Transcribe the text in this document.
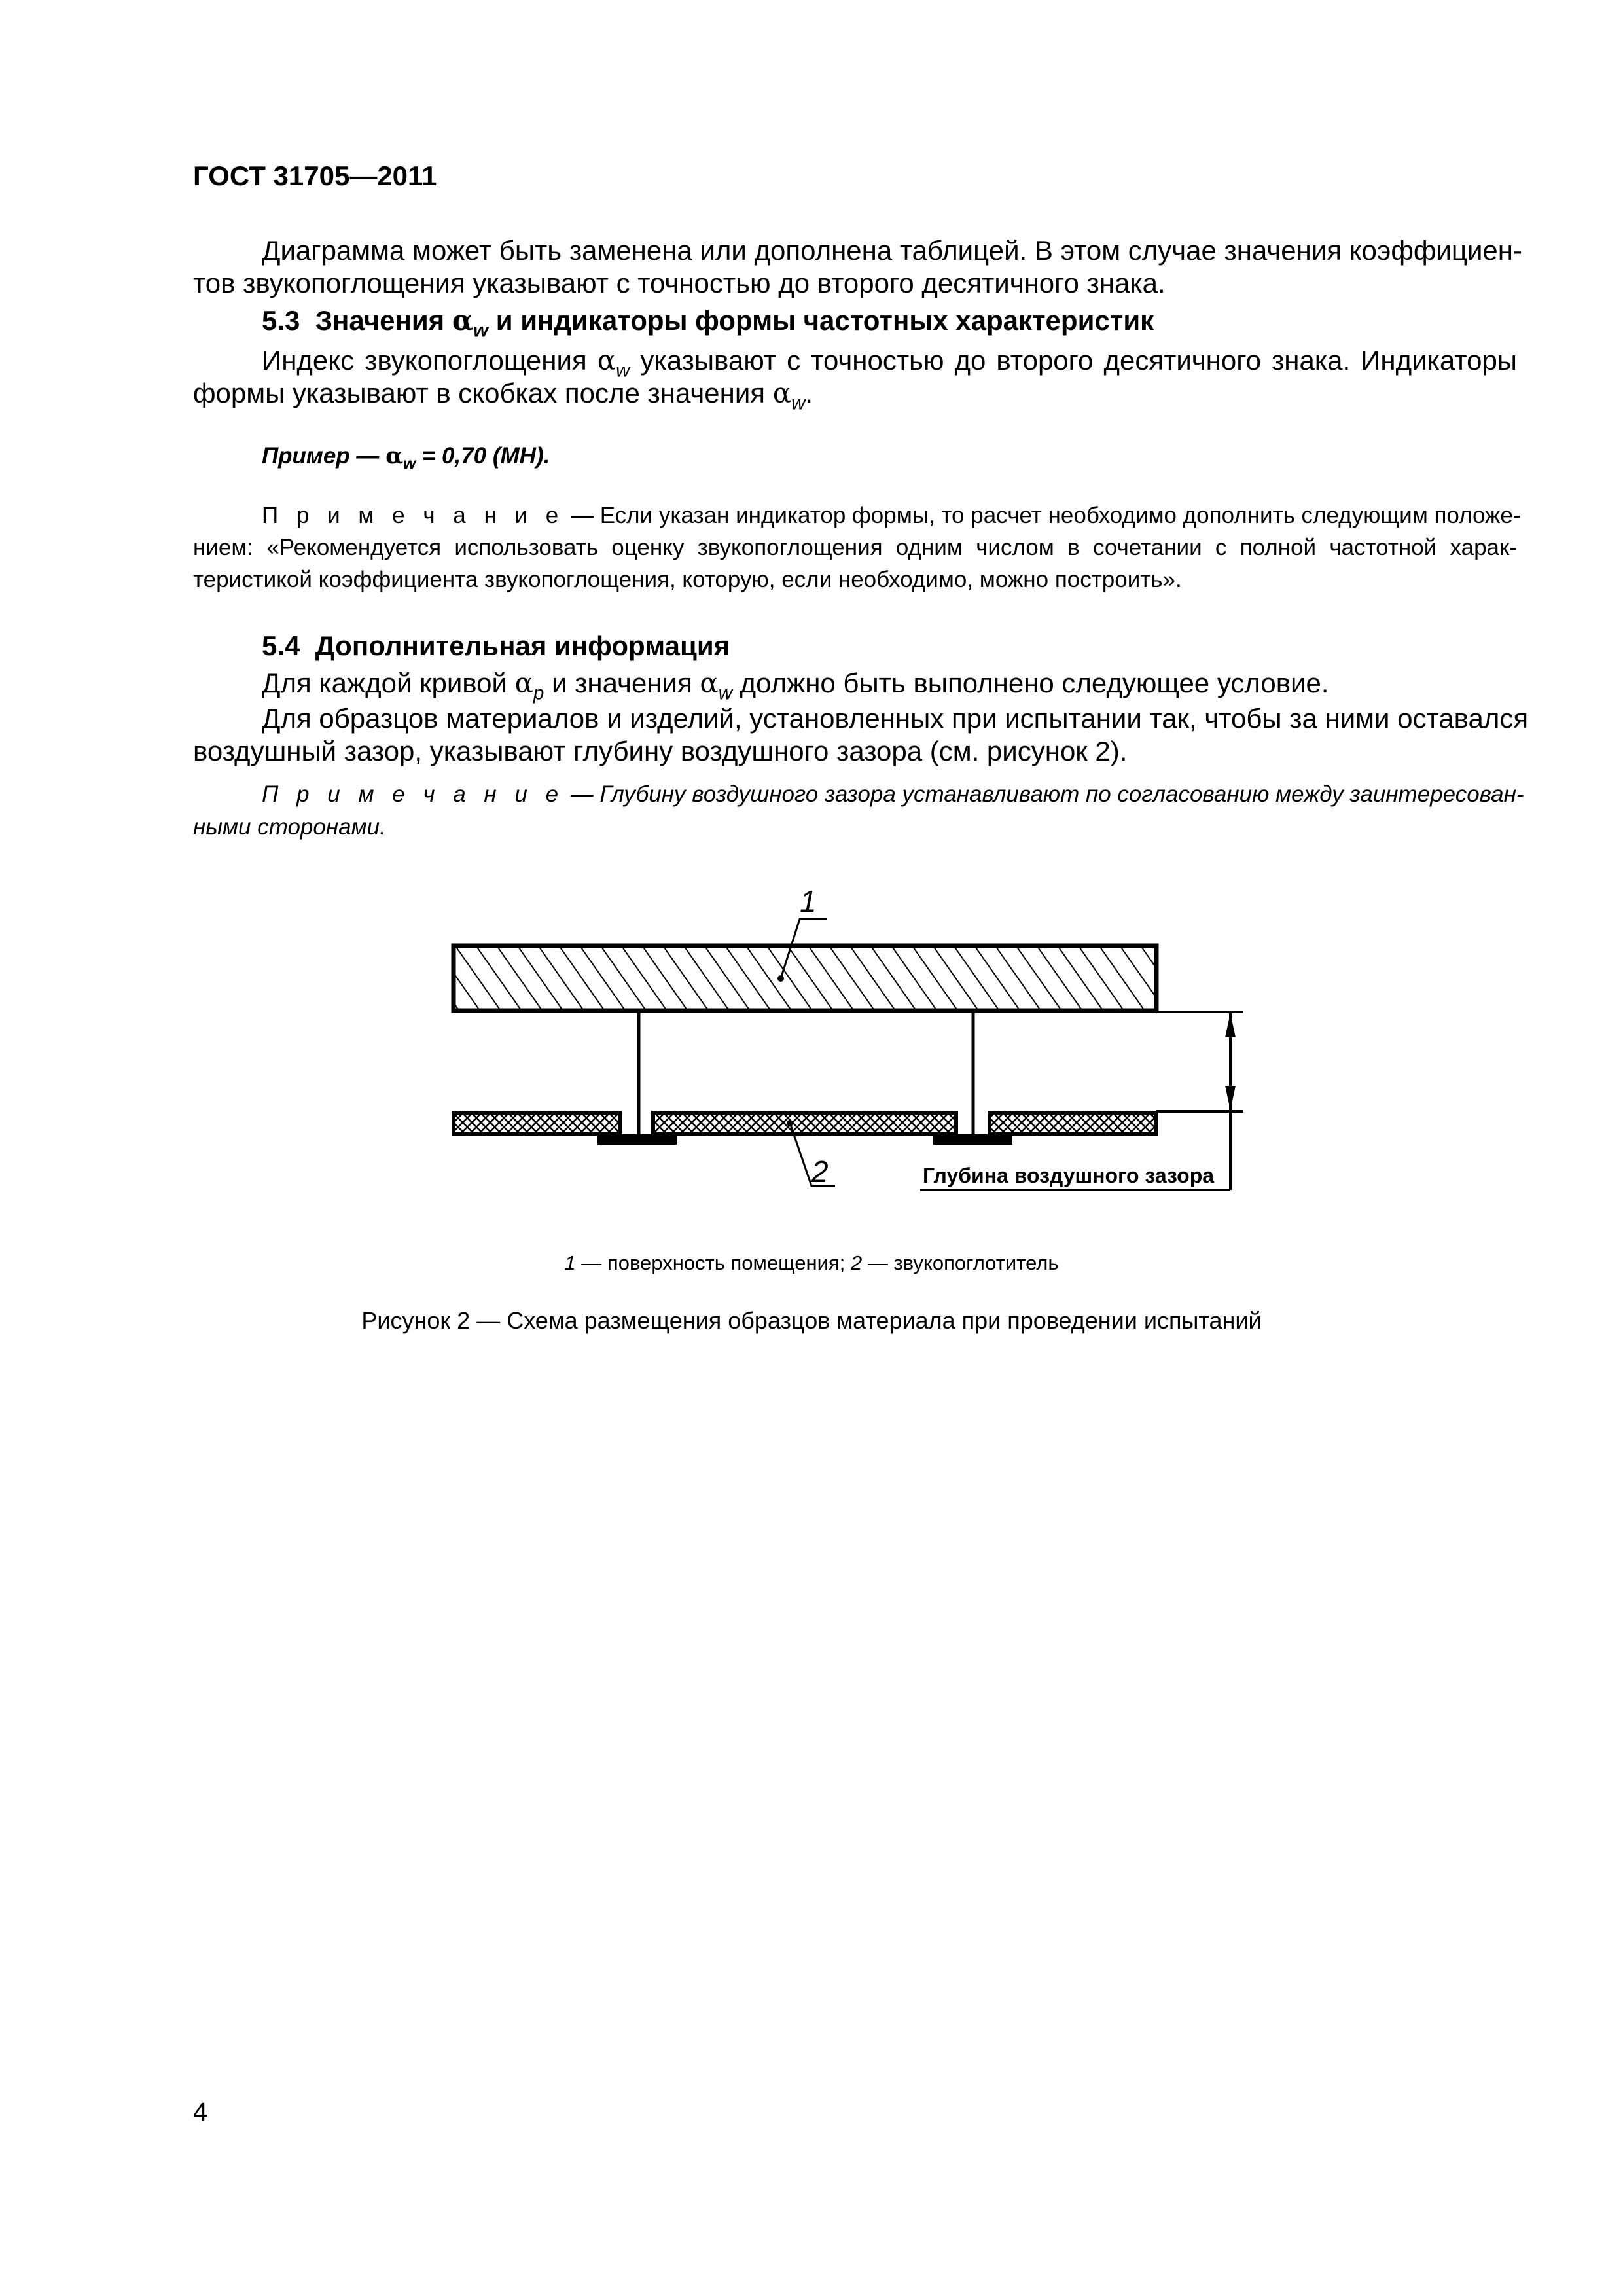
ГОСТ 31705—2011
Диаграмма может быть заменена или дополнена таблицей. В этом случае значения коэффициен-
тов звукопоглощения указывают с точностью до второго десятичного знака.
5.3 Значения $\alpha_w$ и индикаторы формы частотных характеристик
Индекс звукопоглощения $\alpha_w$ указывают с точностью до второго десятичного знака. Индикаторы
формы указывают в скобках после значения $\alpha_w$.
Пример — $\alpha_w = 0,70$ (МН).
П р и м е ч а н и е — Если указан индикатор формы, то расчет необходимо дополнить следующим положе-
нием: «Рекомендуется использовать оценку звукопоглощения одним числом в сочетании с полной частотной харак-
теристикой коэффициента звукопоглощения, которую, если необходимо, можно построить».
5.4 Дополнительная информация
Для каждой кривой $\alpha_p$ и значения $\alpha_w$ должно быть выполнено следующее условие.
Для образцов материалов и изделий, установленных при испытании так, чтобы за ними оставался
воздушный зазор, указывают глубину воздушного зазора (см. рисунок 2).
П р и м е ч а н и е — Глубину воздушного зазора устанавливают по согласованию между заинтересован-
ными сторонами.
1
2	Глубина воздушного зазора
1 — поверхность помещения; 2 — звукопоглотитель
Рисунок 2 — Схема размещения образцов материала при проведении испытаний
4
